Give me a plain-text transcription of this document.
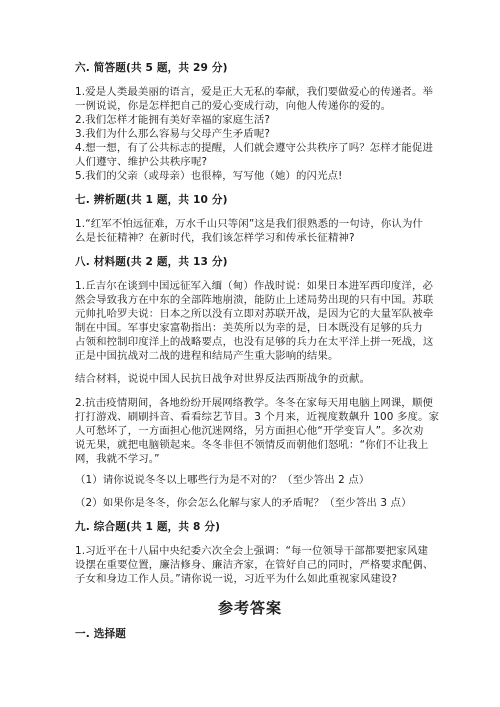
六. 简答题(共 5 题，共 29 分)
1.爱是人类最美丽的语言，爱是正大无私的奉献，我们要做爱心的传递者。举
一例说说，你是怎样把自己的爱心变成行动，向他人传递你的爱的。
2.我们怎样才能拥有美好幸福的家庭生活?
3.我们为什么那么容易与父母产生矛盾呢?
4.想一想，有了公共标志的提醒，人们就会遵守公共秩序了吗？怎样才能促进
人们遵守、维护公共秩序呢?
5.我们的父亲（或母亲）也很棒，写写他（她）的闪光点!
七. 辨析题(共 1 题，共 10 分)
1.“红军不怕远征难，万水千山只等闲”这是我们很熟悉的一句诗，你认为什
么是长征精神？在新时代，我们该怎样学习和传承长征精神?
八. 材料题(共 2 题，共 13 分)
1.丘吉尔在谈到中国远征军入缅（甸）作战时说：如果日本进军西印度洋，必
然会导致我方在中东的全部阵地崩溃，能防止上述局势出现的只有中国。苏联
元帅扎哈罗夫说：日本之所以没有立即对苏联开战，是因为它的大量军队被牵
制在中国。军事史家富勒指出：美英所以为幸的是，日本既没有足够的兵力
占领和控制印度洋上的战略要点，也没有足够的兵力在太平洋上拼一死战，这
正是中国抗战对二战的进程和结局产生重大影响的结果。
结合材料，说说中国人民抗日战争对世界反法西斯战争的贡献。
2.抗击疫情期间，各地纷纷开展网络教学。冬冬在家每天用电脑上网课，顺便
打打游戏、刷刷抖音、看看综艺节目。3 个月来，近视度数飙升 100 多度。家
人可愁坏了，一方面担心他沉迷网络，另方面担心他“开学变盲人”。多次劝
说无果，就把电脑锁起来。冬冬非但不领情反而朝他们怒吼：“你们不让我上
网，我就不学习。”
（1）请你说说冬冬以上哪些行为是不对的？（至少答出 2 点）
（2）如果你是冬冬，你会怎么化解与家人的矛盾呢？（至少答出 3 点）
九. 综合题(共 1 题，共 8 分)
1.习近平在十八届中央纪委六次全会上强调：“每一位领导干部都要把家风建
设摆在重要位置，廉洁修身、廉洁齐家，在管好自己的同时，严格要求配偶、
子女和身边工作人员。”请你说一说，习近平为什么如此重视家风建设?
参考答案
一. 选择题
